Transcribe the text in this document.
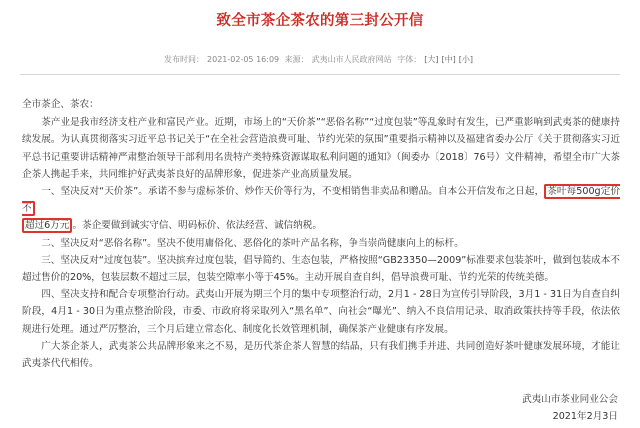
致全市茶企茶农的第三封公开信
发布时间： 2021-02-05 16:09 来源： 武夷山市人民政府网站 字体： [大] [中] [小]

全市茶企、茶农：

茶产业是我市经济支柱产业和富民产业。近期，市场上的“天价茶”“恶俗名称”“过度包装”等乱象时有发生，已严重影响到武夷茶的健康持续发展。为认真贯彻落实习近平总书记关于“在全社会营造浪费可耻、节约光荣的氛围”重要指示精神以及福建省委办公厅《关于贯彻落实习近平总书记重要讲话精神严肃整治领导干部利用名贵特产类特殊资源谋取私利问题的通知》（闽委办〔2018〕76号）文件精神，希望全市广大茶企茶人携起手来，共同维护好武夷茶良好的品牌形象，促进茶产业高质量发展。

一、坚决反对“天价茶”。承诺不参与虚标茶价、炒作天价等行为，不变相销售非卖品和赠品。自本公开信发布之日起， 茶叶每500g定价不
超过6万元 。茶企要做到诚实守信、明码标价、依法经营、诚信纳税。

二、坚决反对“恶俗名称”。坚决不使用庸俗化、恶俗化的茶叶产品名称，争当崇尚健康向上的标杆。

三、坚决反对“过度包装”。坚决摈弃过度包装，倡导简约、生态包装，严格按照“GB23350—2009”标准要求包装茶叶，做到包装成本不超过售价的20%，包装层数不超过三层，包装空隙率小等于45%。主动开展自查自纠，倡导浪费可耻、节约光荣的传统美德。

四、坚决支持和配合专项整治行动。武夷山开展为期三个月的集中专项整治行动，2月1 - 28日为宣传引导阶段，3月1 - 31日为自查自纠阶段，4月1 - 30日为重点整治阶段，市委、市政府将采取列入“黑名单”、向社会“曝光”、纳入不良信用记录、取消政策扶持等手段，依法依规进行处理。通过严厉整治，三个月后建立常态化、制度化长效管理机制，确保茶产业健康有序发展。

广大茶企茶人，武夷茶公共品牌形象来之不易，是历代茶企茶人智慧的结晶，只有我们携手并进、共同创造好茶叶健康发展环境，才能让武夷茶代代相传。

武夷山市茶业同业公会
2021年2月3日
